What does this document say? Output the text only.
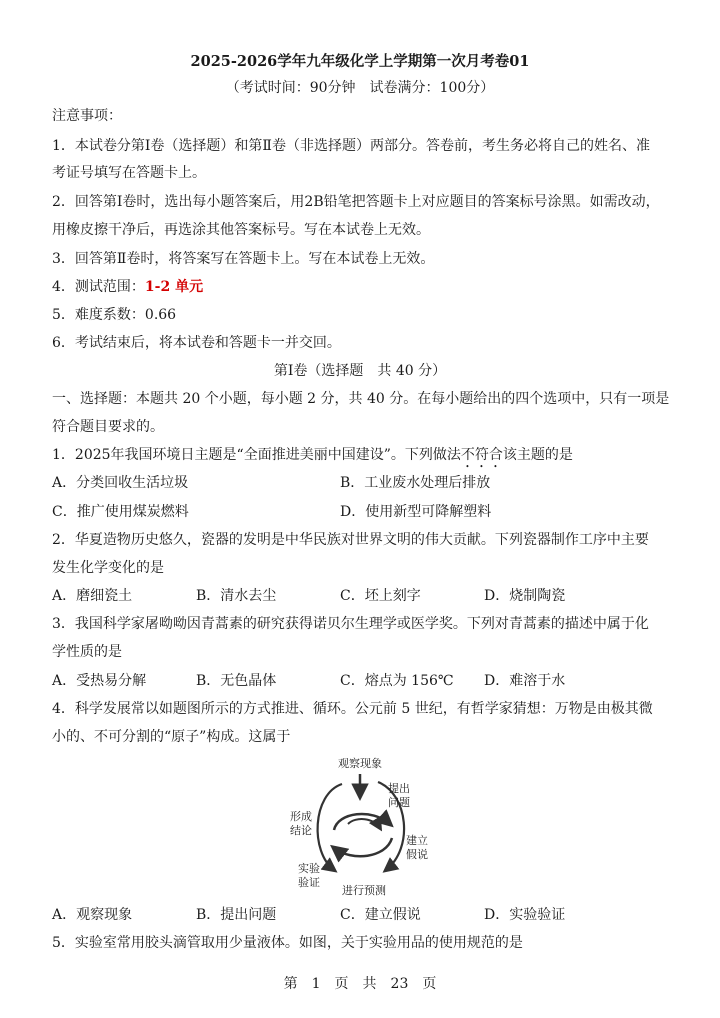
2025-2026学年九年级化学上学期第一次月考卷01
（考试时间：90分钟　试卷满分：100分）
注意事项：
1．本试卷分第Ⅰ卷（选择题）和第Ⅱ卷（非选择题）两部分。答卷前，考生务必将自己的姓名、准
考证号填写在答题卡上。
2．回答第Ⅰ卷时，选出每小题答案后，用2B铅笔把答题卡上对应题目的答案标号涂黑。如需改动，
用橡皮擦干净后，再选涂其他答案标号。写在本试卷上无效。
3．回答第Ⅱ卷时，将答案写在答题卡上。写在本试卷上无效。
4．测试范围：1-2 单元
5．难度系数：0.66
6．考试结束后，将本试卷和答题卡一并交回。
第Ⅰ卷（选择题　共 40 分）
一、选择题：本题共 20 个小题，每小题 2 分，共 40 分。在每小题给出的四个选项中，只有一项是
符合题目要求的。
1．2025年我国环境日主题是“全面推进美丽中国建设”。下列做法不符合该主题的是
A．分类回收生活垃圾	B．工业废水处理后排放
C．推广使用煤炭燃料	D．使用新型可降解塑料
2．华夏造物历史悠久，瓷器的发明是中华民族对世界文明的伟大贡献。下列瓷器制作工序中主要
发生化学变化的是
A．磨细瓷土	B．清水去尘	C．坯上刻字	D．烧制陶瓷
3．我国科学家屠呦呦因青蒿素的研究获得诺贝尔生理学或医学奖。下列对青蒿素的描述中属于化
学性质的是
A．受热易分解	B．无色晶体	C．熔点为 156℃ D．难溶于水
4．科学发展常以如题图所示的方式推进、循环。公元前 5 世纪，有哲学家猜想：万物是由极其微
小的、不可分割的“原子”构成。这属于
观察现象
提出
问题
建立
假说
进行预测
实验
验证
形成
结论
A．观察现象	B．提出问题	C．建立假说	D．实验验证
5．实验室常用胶头滴管取用少量液体。如图，关于实验用品的使用规范的是
第　1　页　共　23　页
